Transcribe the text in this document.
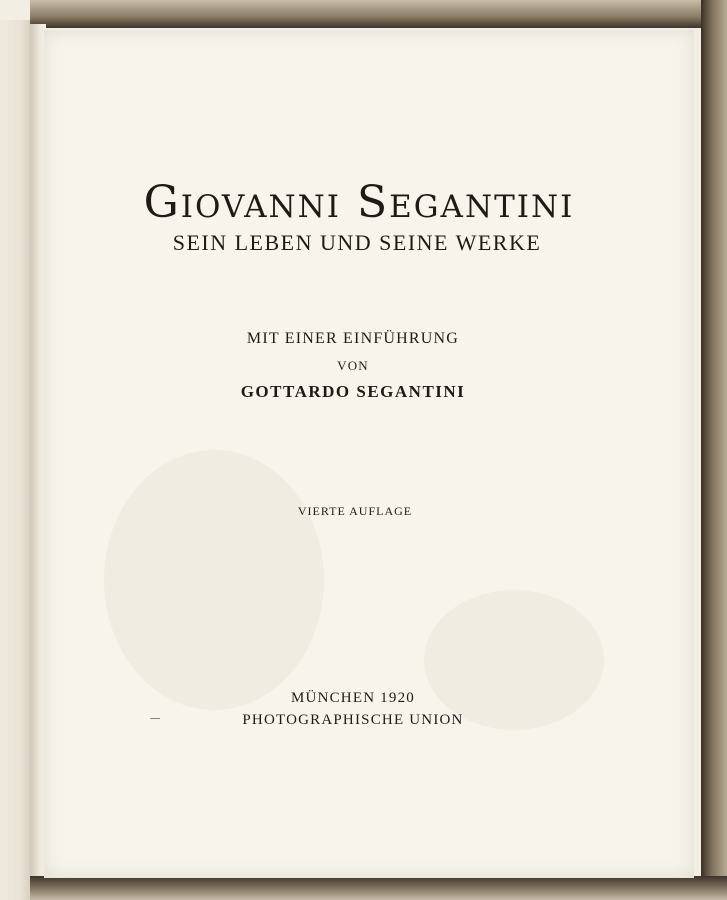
Giovanni Segantini
SEIN LEBEN UND SEINE WERKE
MIT EINER EINFÜHRUNG
VON
GOTTARDO SEGANTINI
VIERTE AUFLAGE
MÜNCHEN 1920
PHOTOGRAPHISCHE UNION
